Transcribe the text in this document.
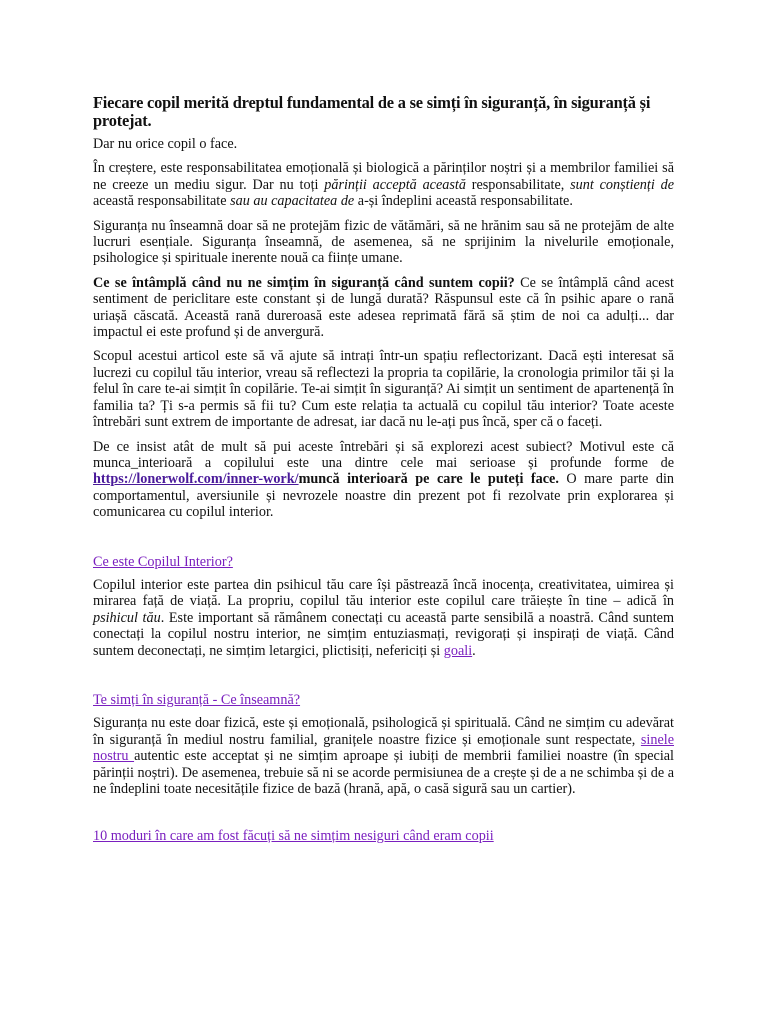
Fiecare copil merită dreptul fundamental de a se simți în siguranță, în siguranță și protejat.

Dar nu orice copil o face.

În creștere, este responsabilitatea emoțională și biologică a părinților noștri și a membrilor familiei să ne creeze un mediu sigur. Dar nu toți părinții acceptă această responsabilitate, sunt conștienți de această responsabilitate sau au capacitatea de a-și îndeplini această responsabilitate.

Siguranța nu înseamnă doar să ne protejăm fizic de vătămări, să ne hrănim sau să ne protejăm de alte lucruri esențiale. Siguranța înseamnă, de asemenea, să ne sprijinim la nivelurile emoționale, psihologice și spirituale inerente nouă ca ființe umane.

Ce se întâmplă când nu ne simțim în siguranță când suntem copii? Ce se întâmplă când acest sentiment de periclitare este constant și de lungă durată? Răspunsul este că în psihic apare o rană uriașă căscată. Această rană dureroasă este adesea reprimată fără să știm de noi ca adulți... dar impactul ei este profund și de anvergură.

Scopul acestui articol este să vă ajute să intrați într-un spațiu reflectorizant. Dacă ești interesat să lucrezi cu copilul tău interior, vreau să reflectezi la propria ta copilărie, la cronologia primilor tăi și la felul în care te-ai simțit în copilărie. Te-ai simțit în siguranță? Ai simțit un sentiment de apartenență în familia ta? Ți s-a permis să fii tu? Cum este relația ta actuală cu copilul tău interior? Toate aceste întrebări sunt extrem de importante de adresat, iar dacă nu le-ați pus încă, sper că o faceți.

De ce insist atât de mult să pui aceste întrebări și să explorezi acest subiect? Motivul este că munca_interioară a copilului este una dintre cele mai serioase și profunde forme de https://lonerwolf.com/inner-work/muncă interioară pe care le puteți face. O mare parte din comportamentul, aversiunile și nevrozele noastre din prezent pot fi rezolvate prin explorarea și comunicarea cu copilul interior.

Ce este Copilul Interior?

Copilul interior este partea din psihicul tău care își păstrează încă inocența, creativitatea, uimirea și mirarea față de viață. La propriu, copilul tău interior este copilul care trăiește în tine – adică în psihicul tău. Este important să rămânem conectați cu această parte sensibilă a noastră. Când suntem conectați la copilul nostru interior, ne simțim entuziasmați, revigorați și inspirați de viață. Când suntem deconectați, ne simțim letargici, plictisiți, nefericiți și goali.

Te simți în siguranță - Ce înseamnă?

Siguranța nu este doar fizică, este și emoțională, psihologică și spirituală. Când ne simțim cu adevărat în siguranță în mediul nostru familial, granițele noastre fizice și emoționale sunt respectate, sinele nostru autentic este acceptat și ne simțim aproape și iubiți de membrii familiei noastre (în special părinții noștri). De asemenea, trebuie să ni se acorde permisiunea de a crește și de a ne schimba și de a ne îndeplini toate necesitățile fizice de bază (hrană, apă, o casă sigură sau un cartier).

10 moduri în care am fost făcuți să ne simțim nesiguri când eram copii
